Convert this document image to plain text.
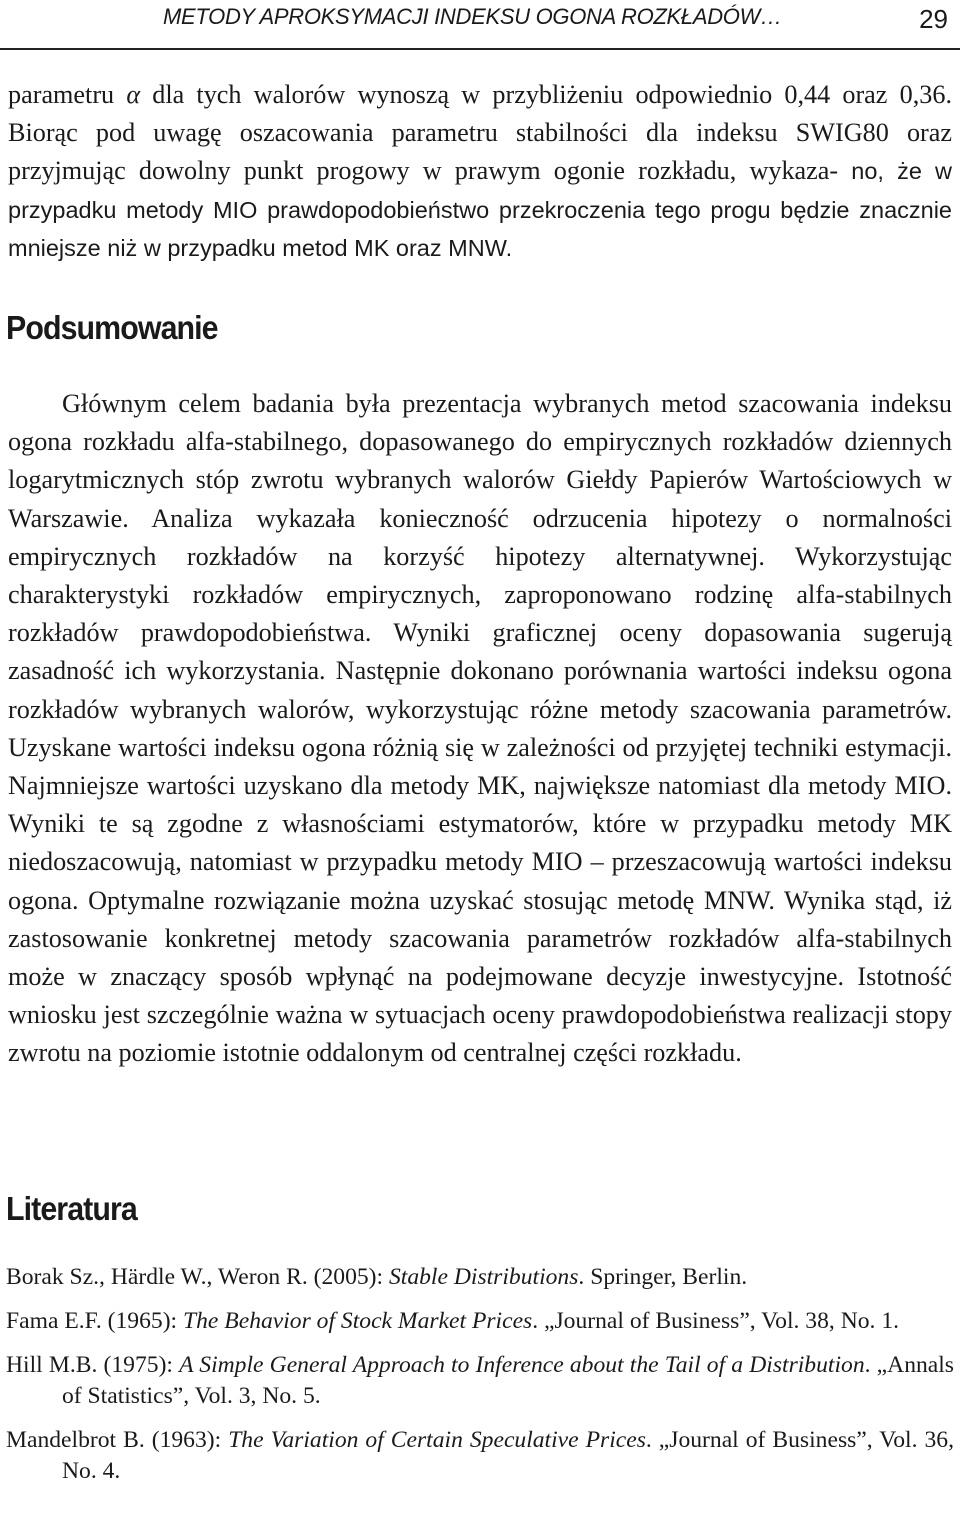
METODY APROKSYMACJI INDEKSU OGONA ROZKŁADÓW…	29

parametru α dla tych walorów wynoszą w przybliżeniu odpowiednio 0,44 oraz 0,36. Biorąc pod uwagę oszacowania parametru stabilności dla indeksu SWIG80 oraz przyjmując dowolny punkt progowy w prawym ogonie rozkładu, wykaza- no, że w przypadku metody MIO prawdopodobieństwo przekroczenia tego progu będzie znacznie mniejsze niż w przypadku metod MK oraz MNW.

Podsumowanie

Głównym celem badania była prezentacja wybranych metod szacowania indeksu ogona rozkładu alfa-stabilnego, dopasowanego do empirycznych rozkładów dziennych logarytmicznych stóp zwrotu wybranych walorów Giełdy Papierów Wartościowych w Warszawie. Analiza wykazała konieczność odrzucenia hipotezy o normalności empirycznych rozkładów na korzyść hipotezy alternatywnej. Wykorzystując charakterystyki rozkładów empirycznych, zaproponowano rodzinę alfa-stabilnych rozkładów prawdopodobieństwa. Wyniki graficznej oceny dopasowania sugerują zasadność ich wykorzystania. Następnie dokonano porównania wartości indeksu ogona rozkładów wybranych walorów, wykorzystując różne metody szacowania parametrów. Uzyskane wartości indeksu ogona różnią się w zależności od przyjętej techniki estymacji. Najmniejsze wartości uzyskano dla metody MK, największe natomiast dla metody MIO. Wyniki te są zgodne z własnościami estymatorów, które w przypadku metody MK niedoszacowują, natomiast w przypadku metody MIO – przeszacowują wartości indeksu ogona. Optymalne rozwiązanie można uzyskać stosując metodę MNW. Wynika stąd, iż zastosowanie konkretnej metody szacowania parametrów rozkładów alfa-stabilnych może w znaczący sposób wpłynąć na podejmowane decyzje inwestycyjne. Istotność wniosku jest szczególnie ważna w sytuacjach oceny prawdopodobieństwa realizacji stopy zwrotu na poziomie istotnie oddalonym od centralnej części rozkładu.

Literatura

Borak Sz., Härdle W., Weron R. (2005): Stable Distributions. Springer, Berlin.

Fama E.F. (1965): The Behavior of Stock Market Prices. „Journal of Business”, Vol. 38, No. 1.

Hill M.B. (1975): A Simple General Approach to Inference about the Tail of a Distribution. „Annals of Statistics”, Vol. 3, No. 5.

Mandelbrot B. (1963): The Variation of Certain Speculative Prices. „Journal of Business”, Vol. 36, No. 4.
